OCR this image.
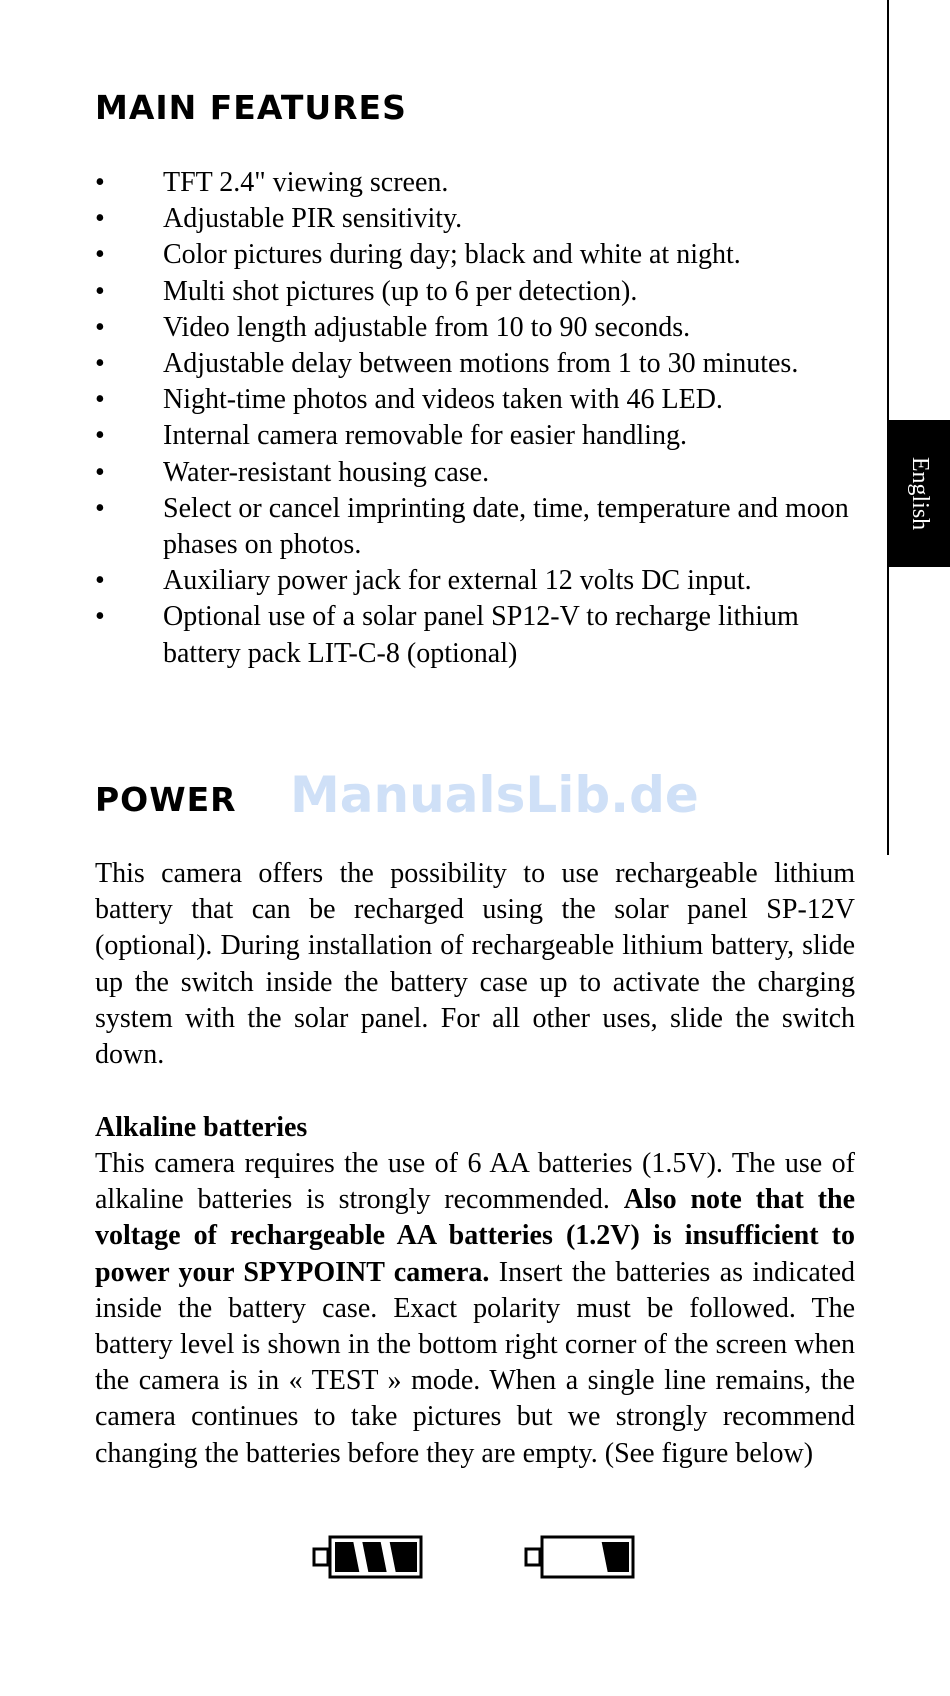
English
MAIN FEATURES
• TFT 2.4" viewing screen.
• Adjustable PIR sensitivity.
• Color pictures during day; black and white at night.
• Multi shot pictures (up to 6 per detection).
• Video length adjustable from 10 to 90 seconds.
• Adjustable delay between motions from 1 to 30 minutes.
• Night-time photos and videos taken with 46 LED.
• Internal camera removable for easier handling.
• Water-resistant housing case.
• Select or cancel imprinting date, time, temperature and moon phases on photos.
• Auxiliary power jack for external 12 volts DC input.
• Optional use of a solar panel SP12-V to recharge lithium battery pack LIT-C-8 (optional)
POWER ManualsLib.de

This camera offers the possibility to use rechargeable lithium battery that can be recharged using the solar panel SP-12V (optional). During installation of rechargeable lithium battery, slide up the switch inside the battery case up to activate the charging system with the solar panel. For all other uses, slide the switch down.

Alkaline batteries

This camera requires the use of 6 AA batteries (1.5V). The use of alkaline batteries is strongly recommended. Also note that the voltage of rechargeable AA batteries (1.2V) is insufficient to power your SPYPOINT camera. Insert the batteries as indicated inside the battery case. Exact polarity must be followed. The battery level is shown in the bottom right corner of the screen when the camera is in « TEST » mode. When a single line remains, the camera continues to take pictures but we strongly recommend changing the batteries before they are empty. (See figure below)
